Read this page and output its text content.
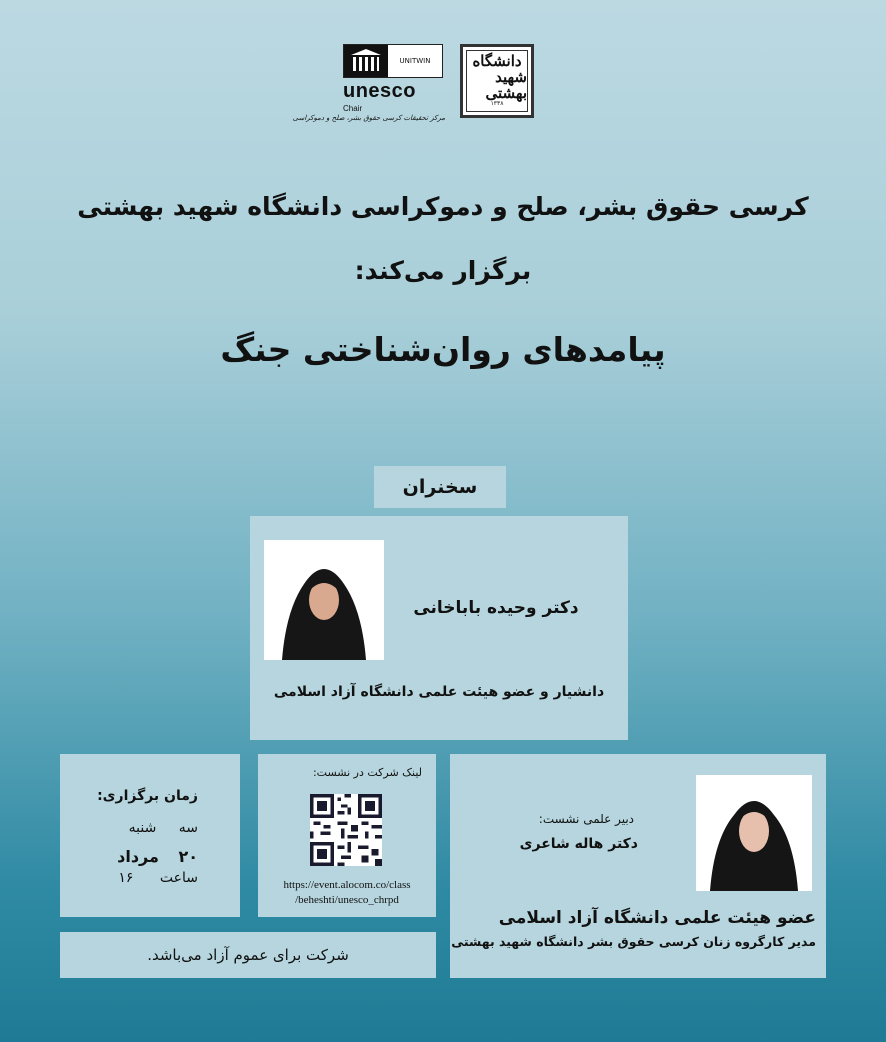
UNITWIN
unesco
Chair
مرکز تحقیقات کرسی حقوق بشر، صلح و دموکراسی
دانشگاه
شهید بهشتی
۱۳۳۸
کرسی حقوق بشر، صلح و دموکراسی دانشگاه شهید بهشتی
برگزار می‌کند:
پیامدهای روان‌شناختی جنگ
سخنران
دکتر وحیده باباخانی
دانشیار و عضو هیئت علمی دانشگاه آزاد اسلامی
زمان برگزاری:
سه شنبه
۲۰ مرداد
ساعت ۱۶
لینک شرکت در نشست:
https://event.alocom.co/class
/beheshti/unesco_chrpd
دبیر علمی نشست:
دکتر هاله شاعری
عضو هیئت علمی دانشگاه آزاد اسلامی
مدیر کارگروه زنان کرسی حقوق بشر دانشگاه شهید بهشتی
شرکت برای عموم آزاد می‌باشد.
